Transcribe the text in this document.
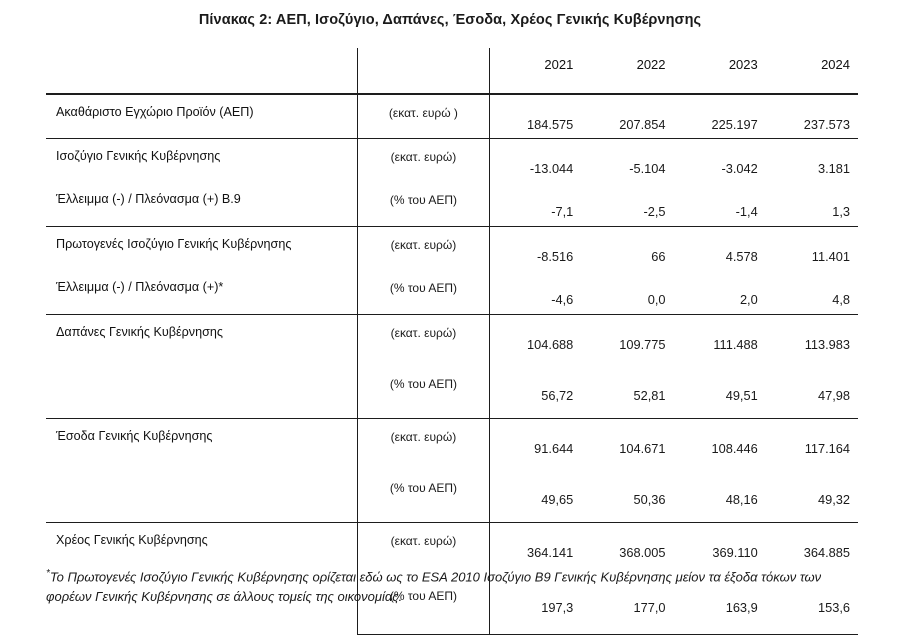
Πίνακας 2: ΑΕΠ, Ισοζύγιο, Δαπάνες, Έσοδα, Χρέος Γενικής Κυβέρνησης
		2021	2022	2023	2024
Ακαθάριστο Εγχώριο Προϊόν (ΑΕΠ)	(εκατ. ευρώ )	184.575	207.854	225.197	237.573
Ισοζύγιο Γενικής Κυβέρνησης	(εκατ. ευρώ)	-13.044	-5.104	-3.042	3.181
Έλλειμμα (-) / Πλεόνασμα (+) B.9	(% του ΑΕΠ)	-7,1	-2,5	-1,4	1,3
Πρωτογενές Ισοζύγιο Γενικής Κυβέρνησης	(εκατ. ευρώ)	-8.516	66	4.578	11.401
Έλλειμμα (-) / Πλεόνασμα (+)*	(% του ΑΕΠ)	-4,6	0,0	2,0	4,8
Δαπάνες Γενικής Κυβέρνησης	(εκατ. ευρώ)	104.688	109.775	111.488	113.983
	(% του ΑΕΠ)	56,72	52,81	49,51	47,98
Έσοδα Γενικής Κυβέρνησης	(εκατ. ευρώ)	91.644	104.671	108.446	117.164
	(% του ΑΕΠ)	49,65	50,36	48,16	49,32
Χρέος Γενικής Κυβέρνησης	(εκατ. ευρώ)	364.141	368.005	369.110	364.885
	(% του ΑΕΠ)	197,3	177,0	163,9	153,6
*Το Πρωτογενές Ισοζύγιο Γενικής Κυβέρνησης ορίζεται εδώ ως το ESA 2010 Ισοζύγιο B9 Γενικής Κυβέρνησης μείον τα έξοδα τόκων των φορέων Γενικής Κυβέρνησης σε άλλους τομείς της οικονομίας.
